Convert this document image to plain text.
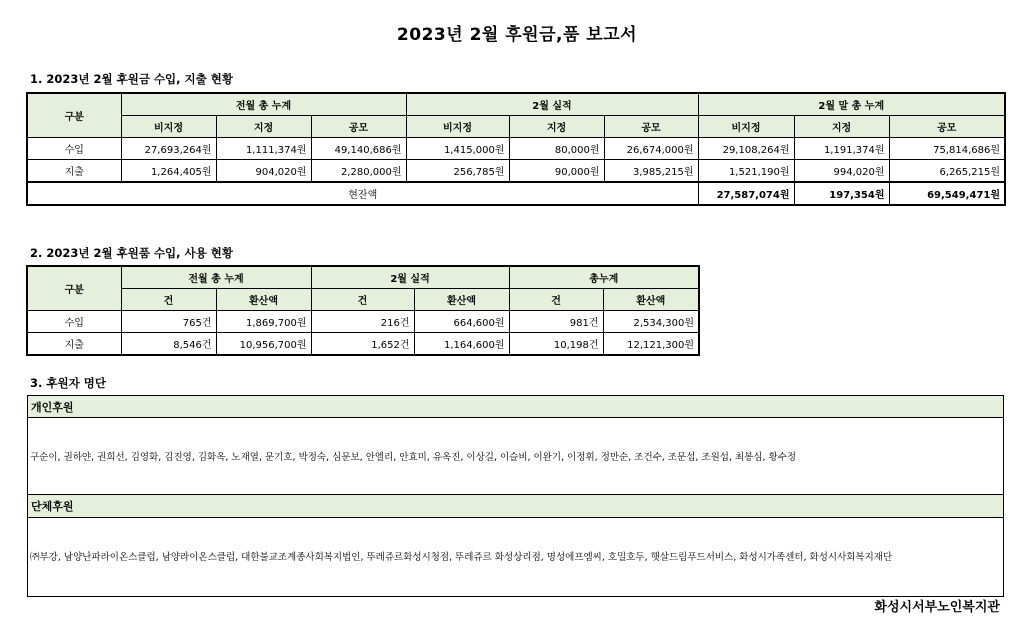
2023년 2월 후원금,품 보고서
1. 2023년 2월 후원금 수입, 지출 현황
구분	전월 총 누계			2월 실적			2월 말 총 누계		
	비지정	지정	공모	비지정	지정	공모	비지정	지정	공모
수입	27,693,264원	1,111,374원	49,140,686원	1,415,000원	80,000원	26,674,000원	29,108,264원	1,191,374원	75,814,686원
지출	1,264,405원	904,020원	2,280,000원	256,785원	90,000원	3,985,215원	1,521,190원	994,020원	6,265,215원
현잔액							27,587,074원	197,354원	69,549,471원
2. 2023년 2월 후원품 수입, 사용 현황
구분	전월 총 누계		2월 실적		총누계	
	건	환산액	건	환산액	건	환산액
수입	765건	1,869,700원	216건	664,600원	981건	2,534,300원
지출	8,546건	10,956,700원	1,652건	1,164,600원	10,198건	12,121,300원
3. 후원자 명단
개인후원
구순이, 권하얀, 권희선, 김영화, 김진영, 김화옥, 노재열, 문기호, 박정숙, 심문보, 안엘리, 안효미, 유옥진, 이상길, 이슬비, 이완기, 이정휘, 정만순, 조건수, 조문섭, 조원섭, 최봉심, 황수정
단체후원
㈜부강, 남양난파라이온스클럽, 남양라이온스클럽, 대한불교조계종사회복지법인, 뚜레쥬르화성시청점, 뚜레쥬르 화성상리점, 명성에프엠씨, 호밀호두, 햇살드림푸드서비스, 화성시가족센터, 화성시사회복지재단
화성시서부노인복지관
